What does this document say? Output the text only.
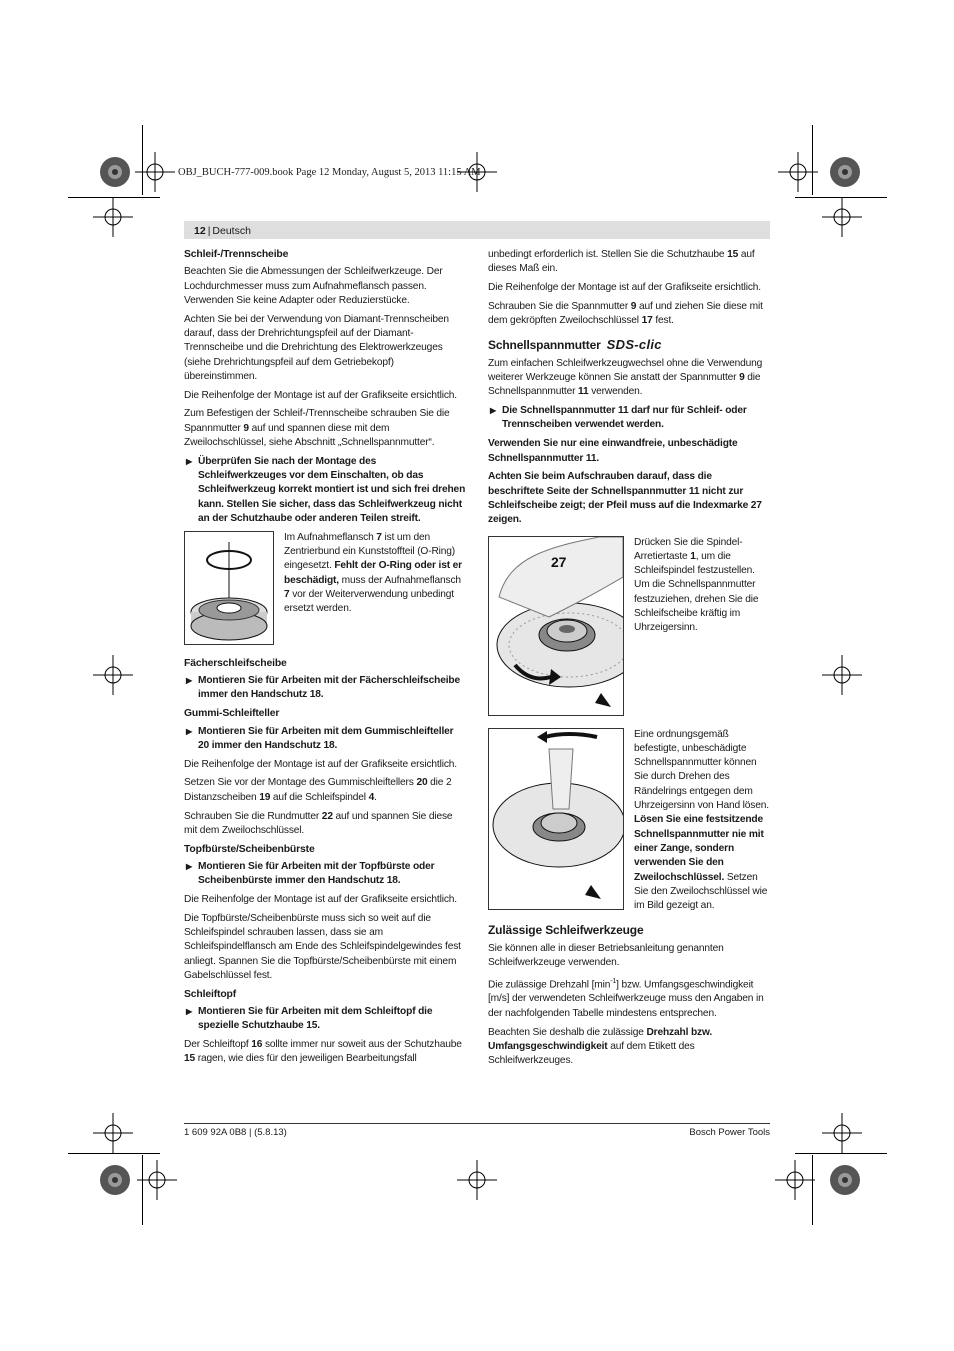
OBJ_BUCH-777-009.book Page 12 Monday, August 5, 2013 11:15 AM
12 | Deutsch
Schleif-/Trennscheibe

Beachten Sie die Abmessungen der Schleifwerkzeuge. Der Lochdurchmesser muss zum Aufnahmeflansch passen. Verwenden Sie keine Adapter oder Reduzierstücke.

Achten Sie bei der Verwendung von Diamant-Trennscheiben darauf, dass der Drehrichtungspfeil auf der Diamant-Trennscheibe und die Drehrichtung des Elektrowerkzeuges (siehe Drehrichtungspfeil auf dem Getriebekopf) übereinstimmen.

Die Reihenfolge der Montage ist auf der Grafikseite ersichtlich.

Zum Befestigen der Schleif-/Trennscheibe schrauben Sie die Spannmutter 9 auf und spannen diese mit dem Zweilochschlüssel, siehe Abschnitt „Schnellspannmutter“.

▶ Überprüfen Sie nach der Montage des Schleifwerkzeuges vor dem Einschalten, ob das Schleifwerkzeug korrekt montiert ist und sich frei drehen kann. Stellen Sie sicher, dass das Schleifwerkzeug nicht an der Schutzhaube oder anderen Teilen streift.
Im Aufnahmeflansch 7 ist um den Zentrierbund ein Kunststoffteil (O-Ring) eingesetzt. Fehlt der O-Ring oder ist er beschädigt, muss der Aufnahmeflansch 7 vor der Weiterverwendung unbedingt ersetzt werden.
Fächerschleifscheibe
▶ Montieren Sie für Arbeiten mit der Fächerschleifscheibe immer den Handschutz 18.
Gummi-Schleifteller
▶ Montieren Sie für Arbeiten mit dem Gummischleifteller 20 immer den Handschutz 18.

Die Reihenfolge der Montage ist auf der Grafikseite ersichtlich.

Setzen Sie vor der Montage des Gummischleiftellers 20 die 2 Distanzscheiben 19 auf die Schleifspindel 4.

Schrauben Sie die Rundmutter 22 auf und spannen Sie diese mit dem Zweilochschlüssel.

Topfbürste/Scheibenbürste
▶ Montieren Sie für Arbeiten mit der Topfbürste oder Scheibenbürste immer den Handschutz 18.

Die Reihenfolge der Montage ist auf der Grafikseite ersichtlich.

Die Topfbürste/Scheibenbürste muss sich so weit auf die Schleifspindel schrauben lassen, dass sie am Schleifspindelflansch am Ende des Schleifspindelgewindes fest anliegt. Spannen Sie die Topfbürste/Scheibenbürste mit einem Gabelschlüssel fest.

Schleiftopf
▶ Montieren Sie für Arbeiten mit dem Schleiftopf die spezielle Schutzhaube 15.

Der Schleiftopf 16 sollte immer nur soweit aus der Schutzhaube 15 ragen, wie dies für den jeweiligen Bearbeitungsfall

unbedingt erforderlich ist. Stellen Sie die Schutzhaube 15 auf dieses Maß ein.

Die Reihenfolge der Montage ist auf der Grafikseite ersichtlich.

Schrauben Sie die Spannmutter 9 auf und ziehen Sie diese mit dem gekröpften Zweilochschlüssel 17 fest.

Schnellspannmutter SDS-clic

Zum einfachen Schleifwerkzeugwechsel ohne die Verwendung weiterer Werkzeuge können Sie anstatt der Spannmutter 9 die Schnellspannmutter 11 verwenden.

▶ Die Schnellspannmutter 11 darf nur für Schleif- oder Trennscheiben verwendet werden.

Verwenden Sie nur eine einwandfreie, unbeschädigte Schnellspannmutter 11.

Achten Sie beim Aufschrauben darauf, dass die beschriftete Seite der Schnellspannmutter 11 nicht zur Schleifscheibe zeigt; der Pfeil muss auf die Indexmarke 27 zeigen.

27
Drücken Sie die Spindel-Arretiertaste 1, um die Schleifspindel festzustellen. Um die Schnellspannmutter festzuziehen, drehen Sie die Schleifscheibe kräftig im Uhrzeigersinn.
Eine ordnungsgemäß befestigte, unbeschädigte Schnellspannmutter können Sie durch Drehen des Rändelrings entgegen dem Uhrzeigersinn von Hand lösen.
Lösen Sie eine festsitzende Schnellspannmutter nie mit einer Zange, sondern verwenden Sie den Zweilochschlüssel. Setzen Sie den Zweilochschlüssel wie im Bild gezeigt an.
Zulässige Schleifwerkzeuge

Sie können alle in dieser Betriebsanleitung genannten Schleifwerkzeuge verwenden.

Die zulässige Drehzahl $[\min^{-1}]$ bzw. Umfangsgeschwindigkeit [m/s] der verwendeten Schleifwerkzeuge muss den Angaben in der nachfolgenden Tabelle mindestens entsprechen.

Beachten Sie deshalb die zulässige Drehzahl bzw. Umfangsgeschwindigkeit auf dem Etikett des Schleifwerkzeuges.

1 609 92A 0B8 | (5.8.13)	Bosch Power Tools
